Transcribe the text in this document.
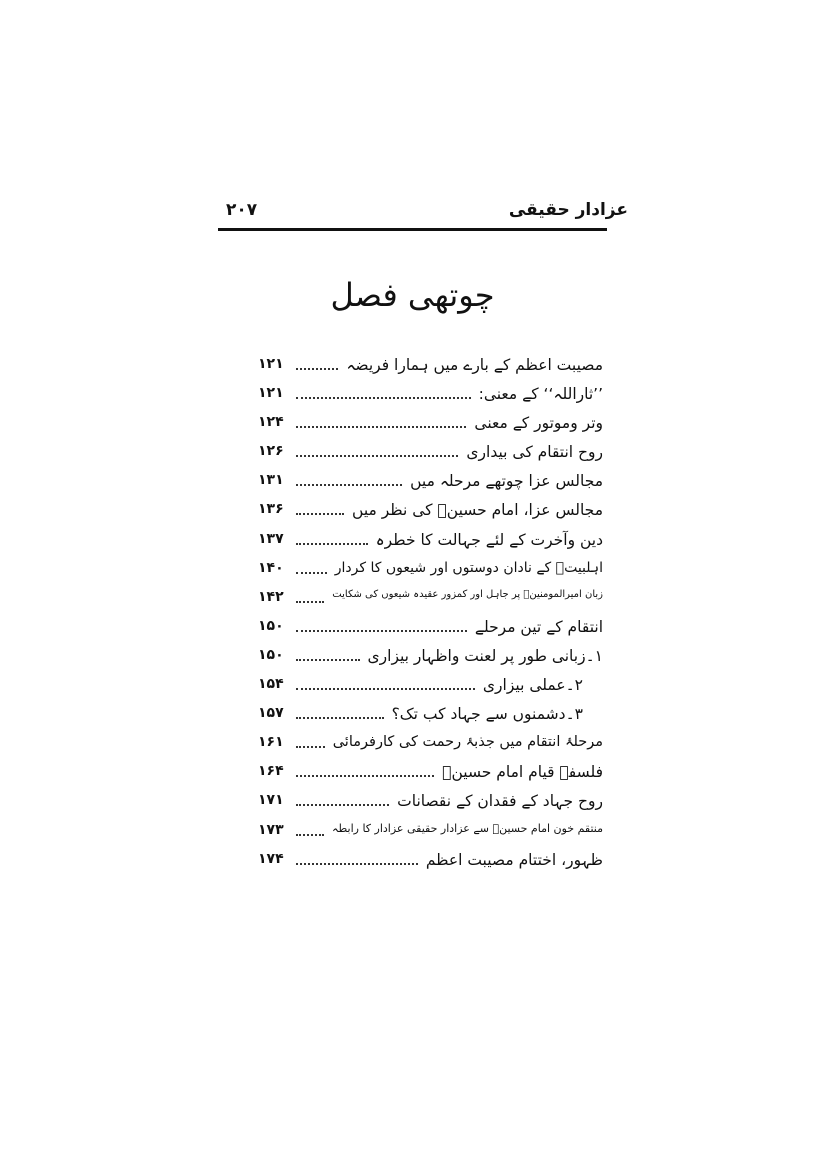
عزادار حقیقی
۲۰۷
چوتھی فصل
مصیبت اعظم کے بارے میں ہمارا فریضہ
۱۲۱
’’ثاراللہ‘‘ کے معنی:
۱۲۱
وتر وموتور کے معنی
۱۲۴
روح انتقام کی بیداری
۱۲۶
مجالس عزا چوتھے مرحلہ میں
۱۳۱
مجالس عزا، امام حسینؑ کی نظر میں
۱۳۶
دین وآخرت کے لئے جہالت کا خطرہ
۱۳۷
اہلبیتؑ کے نادان دوستوں اور شیعوں کا کردار
۱۴۰
زبان امیرالمومنینؑ پر جاہل اور کمزور عقیدہ شیعوں کی شکایت
۱۴۲
انتقام کے تین مرحلے
۱۵۰
۱۔زبانی طور پر لعنت واظہار بیزاری
۱۵۰
۲۔عملی بیزاری
۱۵۴
۳۔دشمنوں سے جہاد کب تک؟
۱۵۷
مرحلۂ انتقام میں جذبۂ رحمت کی کارفرمائی
۱۶۱
فلسفۂ قیام امام حسینؑ
۱۶۴
روح جہاد کے فقدان کے نقصانات
۱۷۱
منتقم خون امام حسینؑ سے عزادار حقیقی عزادار کا رابطہ
۱۷۳
ظہور، اختتام مصیبت اعظم
۱۷۴
